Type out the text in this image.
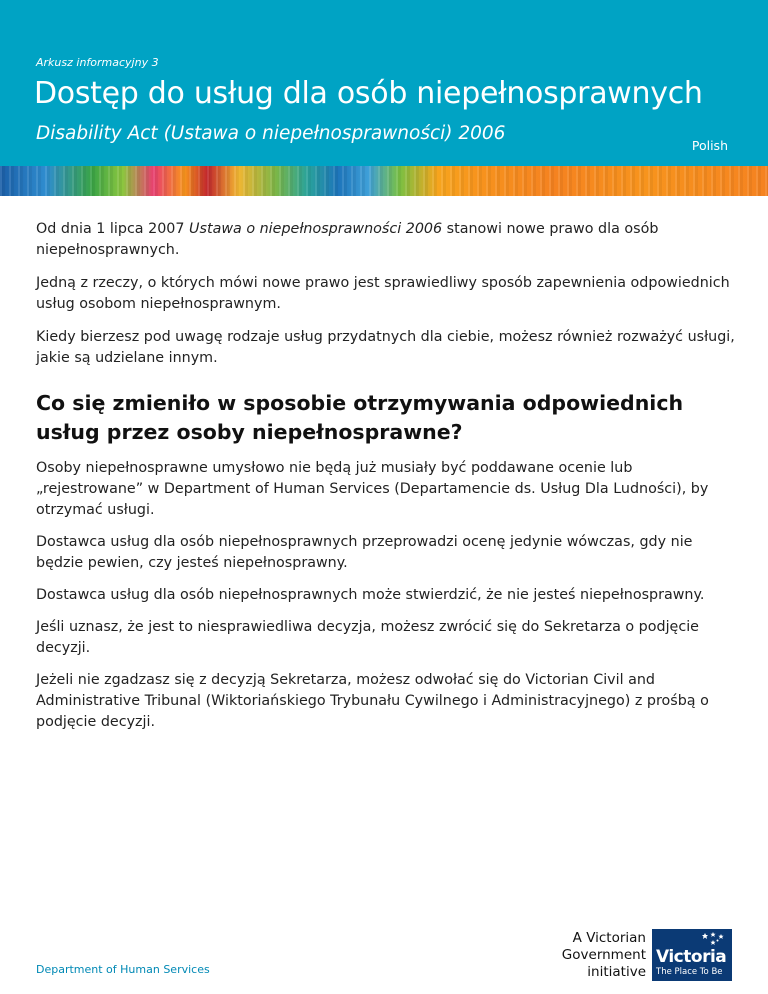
Arkusz informacyjny 3
Dostęp do usług dla osób niepełnosprawnych
Disability Act (Ustawa o niepełnosprawności) 2006
Polish

Od dnia 1 lipca 2007 Ustawa o niepełnosprawności 2006 stanowi nowe prawo dla osób niepełnosprawnych.

Jedną z rzeczy, o których mówi nowe prawo jest sprawiedliwy sposób zapewnienia odpowiednich usług osobom niepełnosprawnym.

Kiedy bierzesz pod uwagę rodzaje usług przydatnych dla ciebie, możesz również rozważyć usługi, jakie są udzielane innym.

Co się zmieniło w sposobie otrzymywania odpowiednich usług przez osoby niepełnosprawne?

Osoby niepełnosprawne umysłowo nie będą już musiały być poddawane ocenie lub „rejestrowane” w Department of Human Services (Departamencie ds. Usług Dla Ludności), by otrzymać usługi.

Dostawca usług dla osób niepełnosprawnych przeprowadzi ocenę jedynie wówczas, gdy nie będzie pewien, czy jesteś niepełnosprawny.

Dostawca usług dla osób niepełnosprawnych może stwierdzić, że nie jesteś niepełnosprawny.

Jeśli uznasz, że jest to niesprawiedliwa decyzja, możesz zwrócić się do Sekretarza o podjęcie decyzji.

Jeżeli nie zgadzasz się z decyzją Sekretarza, możesz odwołać się do Victorian Civil and Administrative Tribunal (Wiktoriańskiego Trybunału Cywilnego i Administracyjnego) z prośbą o podjęcie decyzji.

Department of Human Services
A Victorian
Government
initiative
Victoria
The Place To Be
